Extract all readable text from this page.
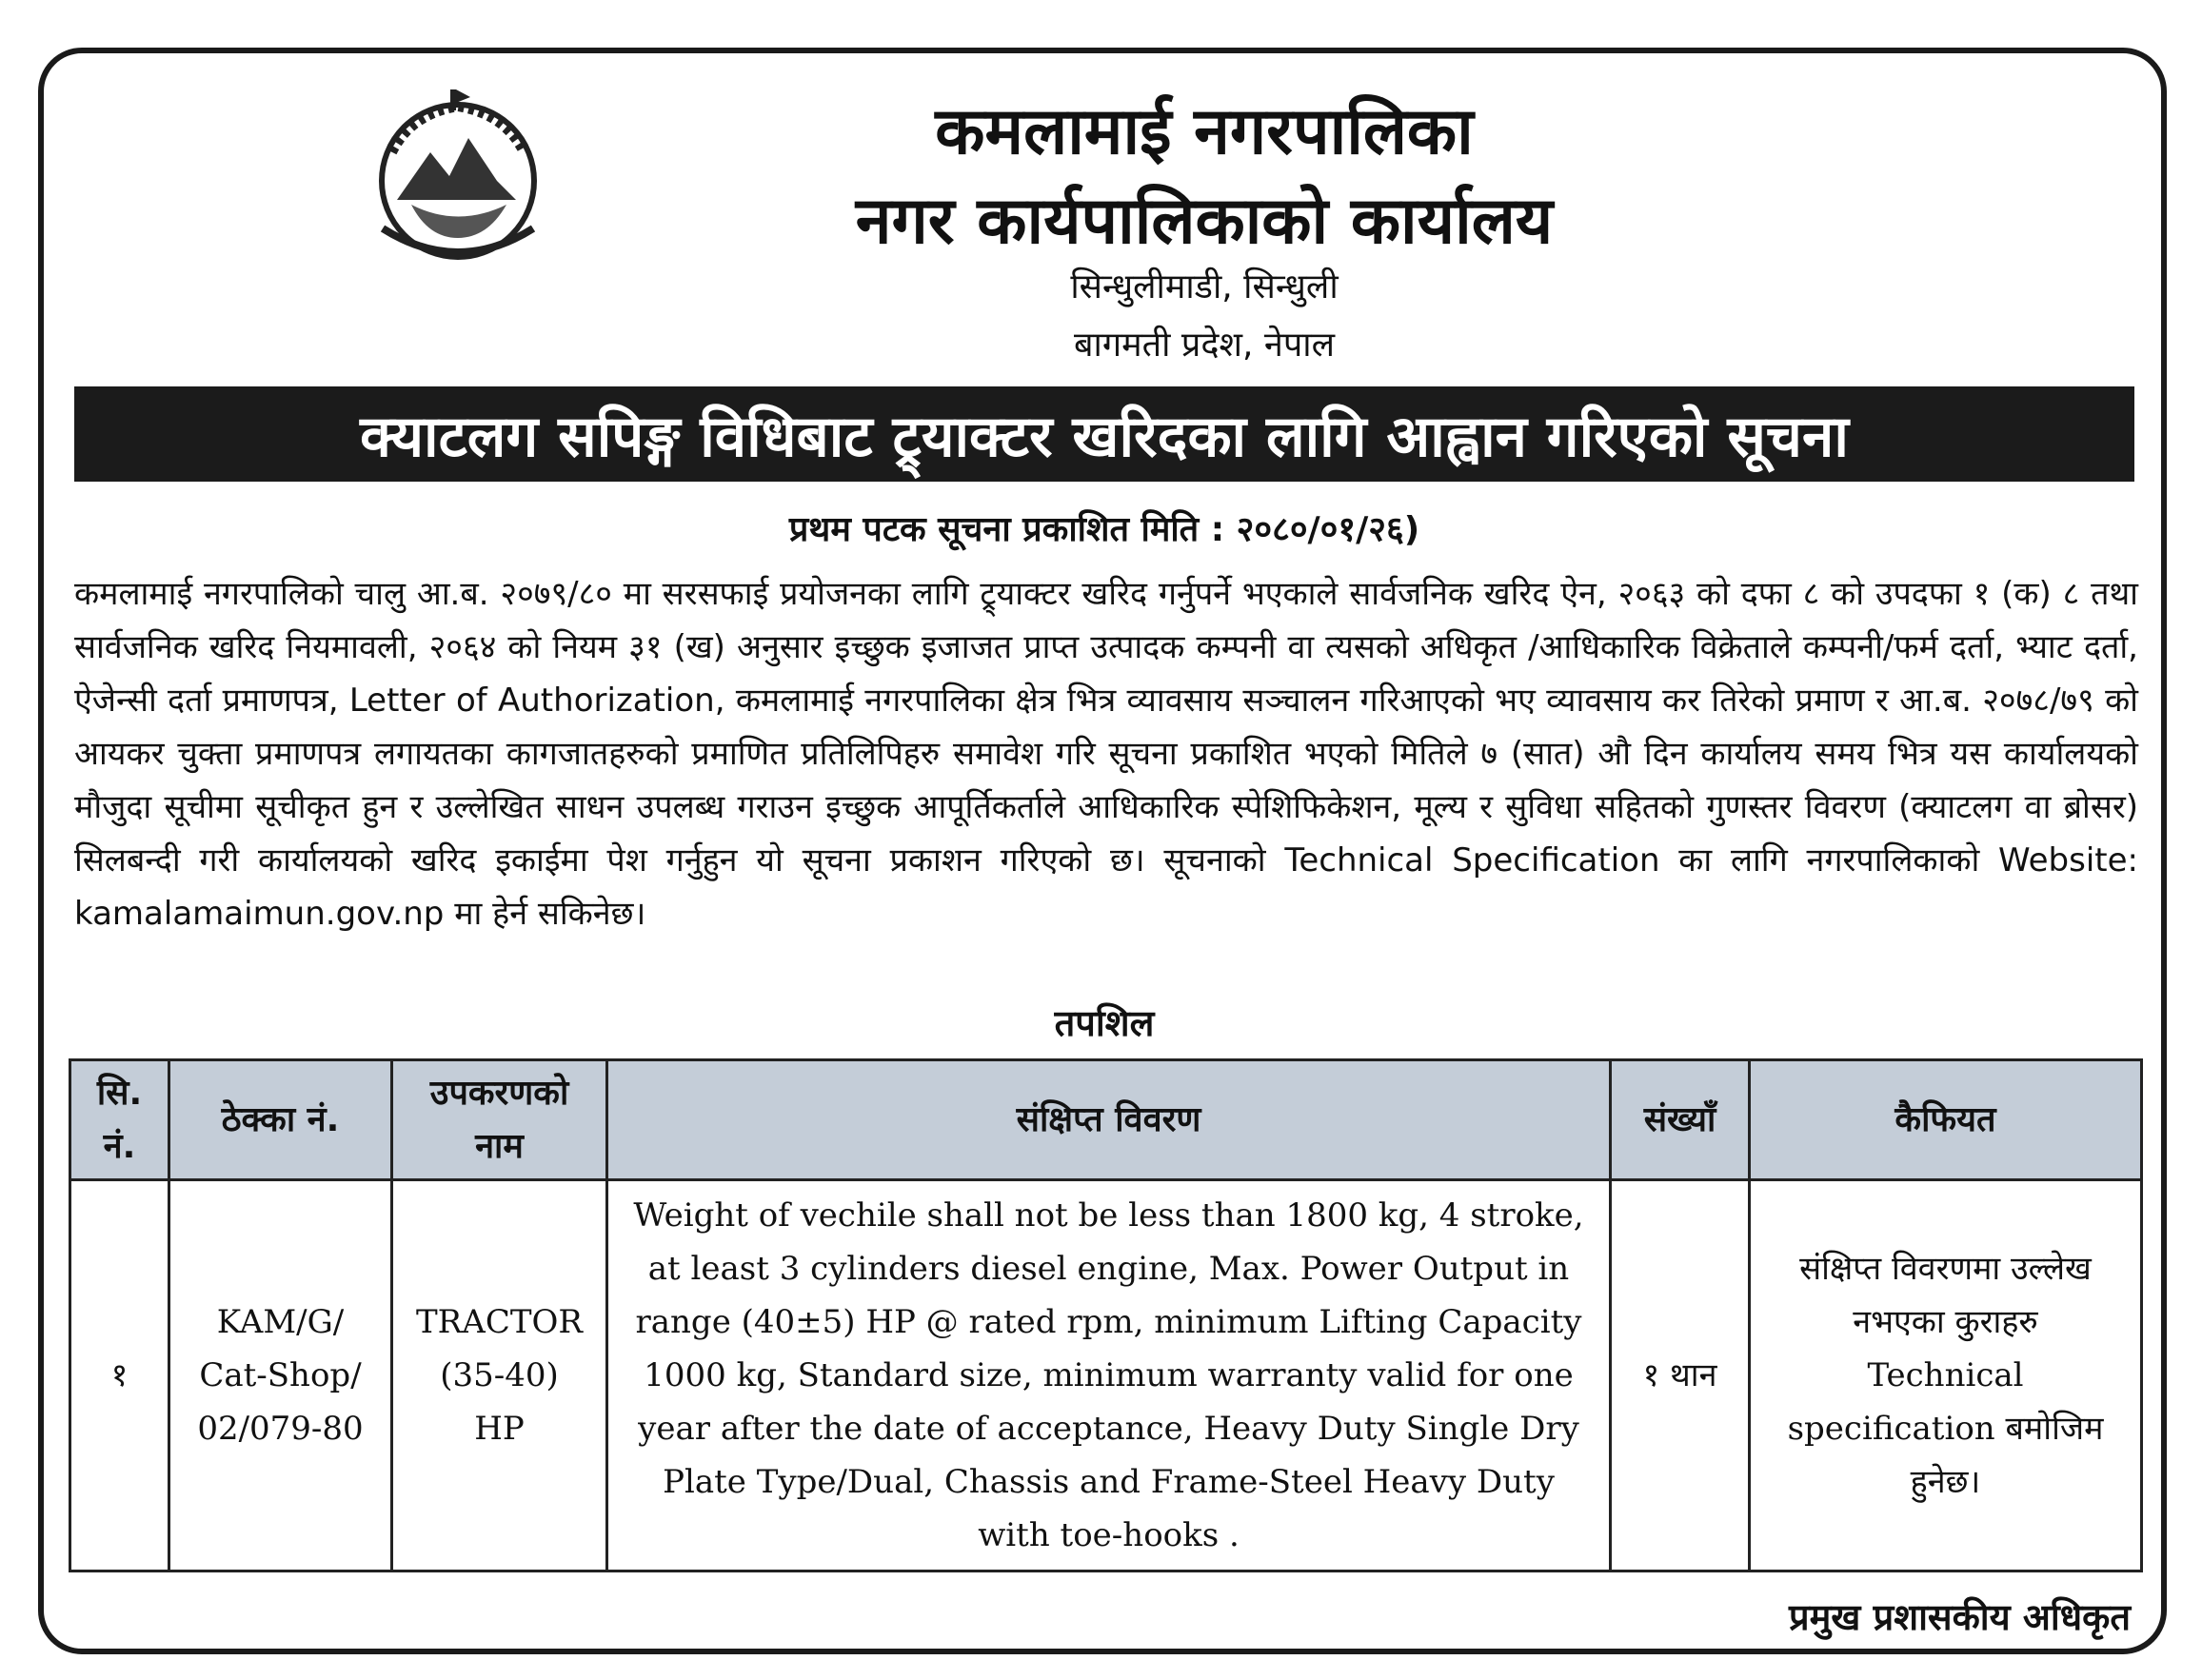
कमलामाई नगरपालिका
नगर कार्यपालिकाको कार्यालय
सिन्धुलीमाडी, सिन्धुली
बागमती प्रदेश, नेपाल
क्याटलग सपिङ्ग विधिबाट ट्र्याक्टर खरिदका लागि आह्वान गरिएको सूचना
प्रथम पटक सूचना प्रकाशित मिति : २०८०/०१/२६)
कमलामाई नगरपालिको चालु आ.ब. २०७९/८० मा सरसफाई प्रयोजनका लागि ट्र्याक्टर खरिद गर्नुपर्ने भएकाले सार्वजनिक खरिद ऐन, २०६३ को दफा ८ को उपदफा १ (क) ८ तथा सार्वजनिक खरिद नियमावली, २०६४ को नियम ३१ (ख) अनुसार इच्छुक इजाजत प्राप्त उत्पादक कम्पनी वा त्यसको अधिकृत /आधिकारिक विक्रेताले कम्पनी/फर्म दर्ता, भ्याट दर्ता, ऐजेन्सी दर्ता प्रमाणपत्र, Letter of Authorization, कमलामाई नगरपालिका क्षेत्र भित्र व्यावसाय सञ्चालन गरिआएको भए व्यावसाय कर तिरेको प्रमाण र आ.ब. २०७८/७९ को आयकर चुक्ता प्रमाणपत्र लगायतका कागजातहरुको प्रमाणित प्रतिलिपिहरु समावेश गरि सूचना प्रकाशित भएको मितिले ७ (सात) औ दिन कार्यालय समय भित्र यस कार्यालयको मौजुदा सूचीमा सूचीकृत हुन र उल्लेखित साधन उपलब्ध गराउन इच्छुक आपूर्तिकर्ताले आधिकारिक स्पेशिफिकेशन, मूल्य र सुविधा सहितको गुणस्तर विवरण (क्याटलग वा ब्रोसर) सिलबन्दी गरी कार्यालयको खरिद इकाईमा पेश गर्नुहुन यो सूचना प्रकाशन गरिएको छ। सूचनाको Technical Specification का लागि नगरपालिकाको Website: kamalamaimun.gov.np मा हेर्न सकिनेछ।
तपशिल
सि. नं.	ठेक्का नं.	उपकरणको नाम	संक्षिप्त विवरण	संख्याँ	कैफियत
१	KAM/G/ Cat-Shop/ 02/079-80	TRACTOR (35-40) HP	Weight of vechile shall not be less than 1800 kg, 4 stroke, at least 3 cylinders diesel engine, Max. Power Output in range (40±5) HP @ rated rpm, minimum Lifting Capacity 1000 kg, Standard size, minimum warranty valid for one year after the date of acceptance, Heavy Duty Single Dry Plate Type/Dual, Chassis and Frame-Steel Heavy Duty with toe-hooks .	१ थान	संक्षिप्त विवरणमा उल्लेख नभएका कुराहरु Technical specification बमोजिम हुनेछ।
प्रमुख प्रशासकीय अधिकृत
